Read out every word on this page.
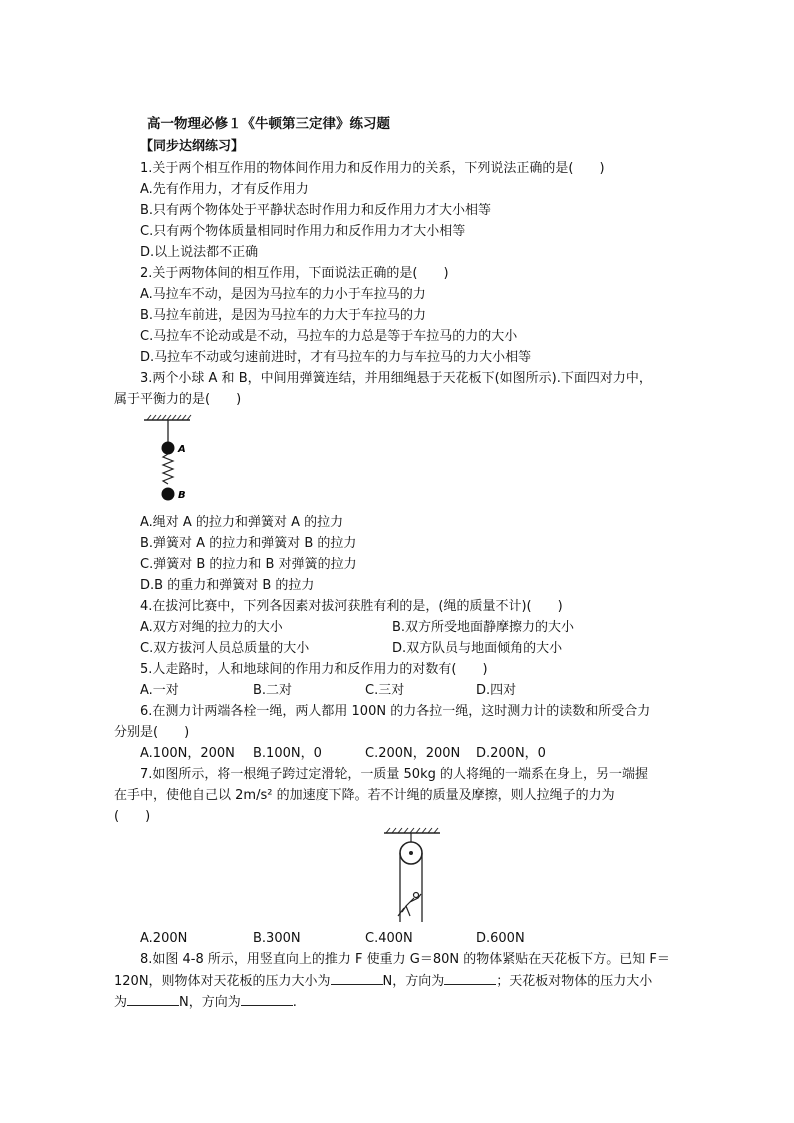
高一物理必修１《牛顿第三定律》练习题
【同步达纲练习】
1.关于两个相互作用的物体间作用力和反作用力的关系，下列说法正确的是(　　)
A.先有作用力，才有反作用力
B.只有两个物体处于平静状态时作用力和反作用力才大小相等
C.只有两个物体质量相同时作用力和反作用力才大小相等
D.以上说法都不正确
2.关于两物体间的相互作用，下面说法正确的是(　　)
A.马拉车不动，是因为马拉车的力小于车拉马的力
B.马拉车前进，是因为马拉车的力大于车拉马的力
C.马拉车不论动或是不动，马拉车的力总是等于车拉马的力的大小
D.马拉车不动或匀速前进时，才有马拉车的力与车拉马的力大小相等
3.两个小球 A 和 B，中间用弹簧连结，并用细绳悬于天花板下(如图所示).下面四对力中，
属于平衡力的是(　　)
A
B
A.绳对 A 的拉力和弹簧对 A 的拉力
B.弹簧对 A 的拉力和弹簧对 B 的拉力
C.弹簧对 B 的拉力和 B 对弹簧的拉力
D.B 的重力和弹簧对 B 的拉力
4.在拔河比赛中，下列各因素对拔河获胜有利的是，(绳的质量不计)(　　)
A.双方对绳的拉力的大小	B.双方所受地面静摩擦力的大小
C.双方拔河人员总质量的大小	D.双方队员与地面倾角的大小
5.人走路时，人和地球间的作用力和反作用力的对数有(　　)
A.一对	B.二对	C.三对	D.四对
6.在测力计两端各栓一绳，两人都用 100N 的力各拉一绳，这时测力计的读数和所受合力
分别是(　　)
A.100N，200N B.100N，0	C.200N，200N D.200N，0
7.如图所示，将一根绳子跨过定滑轮，一质量 50kg 的人将绳的一端系在身上，另一端握
在手中，使他自己以 2m/s² 的加速度下降。若不计绳的质量及摩擦，则人拉绳子的力为
(　　)
A.200N	B.300N	C.400N	D.600N
8.如图 4-8 所示，用竖直向上的推力 F 使重力 G＝80N 的物体紧贴在天花板下方。已知 F＝
120N，则物体对天花板的压力大小为	N，方向为	；天花板对物体的压力大小
为	N，方向为	.
